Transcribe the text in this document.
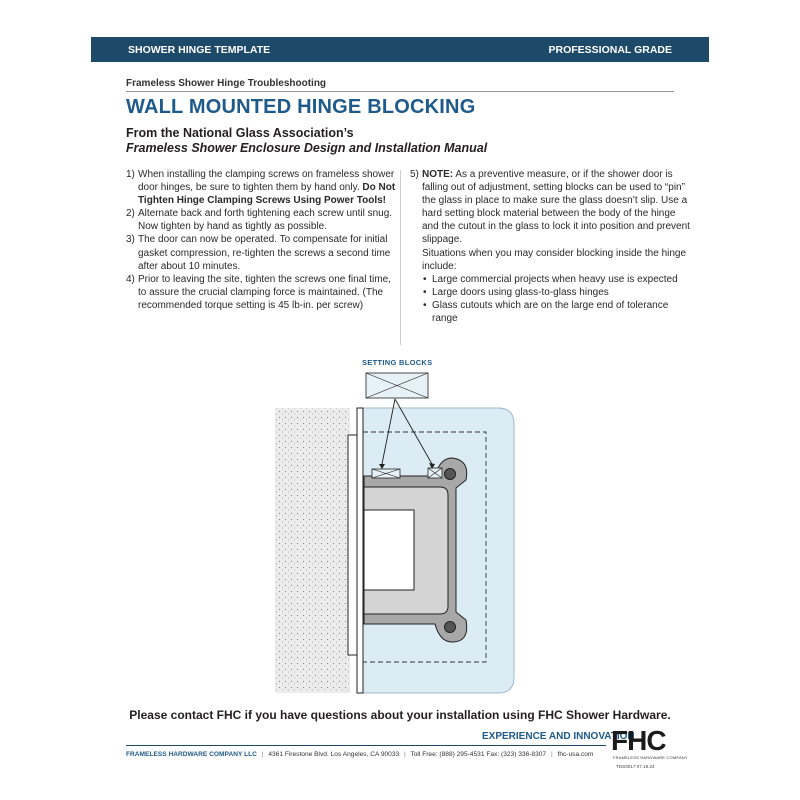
SHOWER HINGE TEMPLATE	PROFESSIONAL GRADE
Frameless Shower Hinge Troubleshooting
WALL MOUNTED HINGE BLOCKING
From the National Glass Association’s
Frameless Shower Enclosure Design and Installation Manual
1) When installing the clamping screws on frameless shower door hinges, be sure to tighten them by hand only. Do Not Tighten Hinge Clamping Screws Using Power Tools!
2) Alternate back and forth tightening each screw until snug. Now tighten by hand as tightly as possible.
3) The door can now be operated. To compensate for initial gasket compression, re-tighten the screws a second time after about 10 minutes.
4) Prior to leaving the site, tighten the screws one final time, to assure the crucial clamping force is maintained. (The recommended torque setting is 45 lb-in. per screw)
5) NOTE: As a preventive measure, or if the shower door is falling out of adjustment, setting blocks can be used to “pin” the glass in place to make sure the glass doesn’t slip. Use a hard setting block material between the body of the hinge and the cutout in the glass to lock it into position and prevent slippage.
Situations when you may consider blocking inside the hinge include:
• Large commercial projects when heavy use is expected
• Large doors using glass-to-glass hinges
• Glass cutouts which are on the large end of tolerance range
SETTING BLOCKS
Please contact FHC if you have questions about your installation using FHC Shower Hardware.
EXPERIENCE AND INNOVATION
FHC
FRAMELESS HARDWARE COMPANY
FRAMELESS HARDWARE COMPANY LLC | 4361 Firestone Blvd. Los Angeles, CA 90033 | Toll Free: (888) 295-4531 Fax: (323) 336-8307 | fhc-usa.com
TDS0017 07.19.24
